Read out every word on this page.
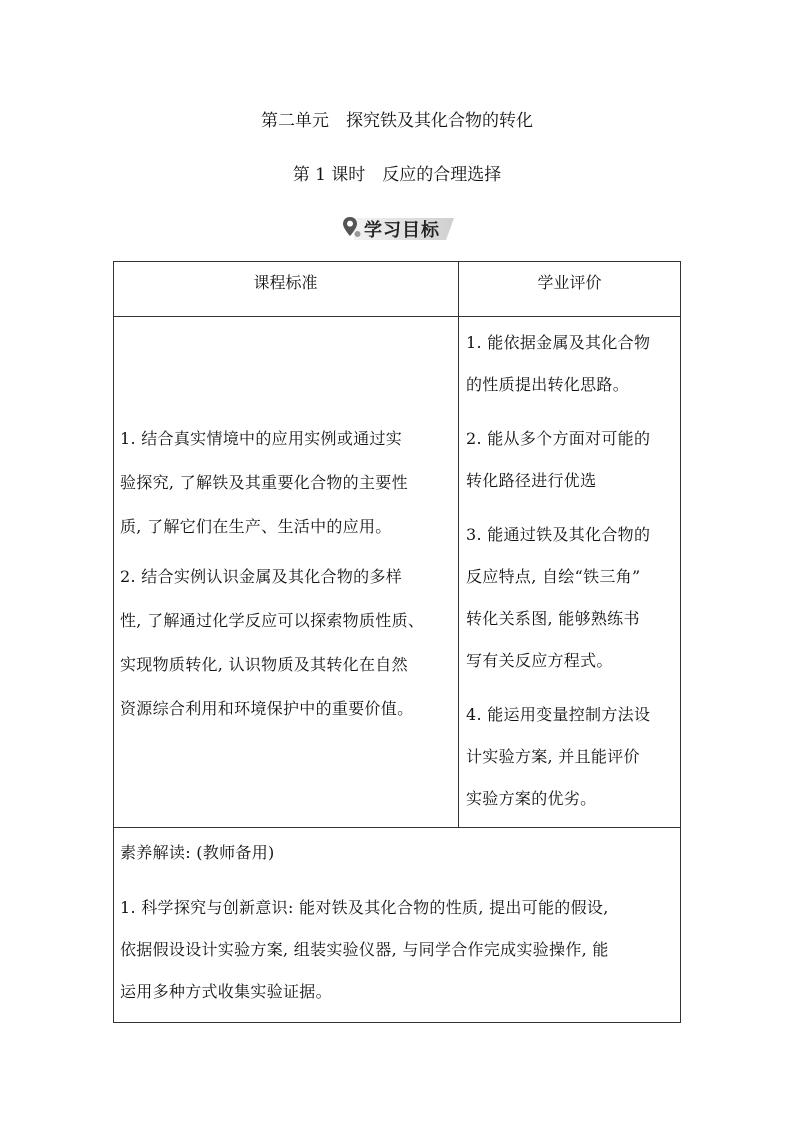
第二单元　探究铁及其化合物的转化
第 1 课时　反应的合理选择
学习目标
课程标准	学业评价
1. 结合真实情境中的应用实例或通过实
验探究, 了解铁及其重要化合物的主要性
质, 了解它们在生产、生活中的应用。
2. 结合实例认识金属及其化合物的多样
性, 了解通过化学反应可以探索物质性质、
实现物质转化, 认识物质及其转化在自然
资源综合利用和环境保护中的重要价值。
1. 能依据金属及其化合物
的性质提出转化思路。
2. 能从多个方面对可能的
转化路径进行优选
3. 能通过铁及其化合物的
反应特点, 自绘“铁三角”
转化关系图, 能够熟练书
写有关反应方程式。
4. 能运用变量控制方法设
计实验方案, 并且能评价
实验方案的优劣。
素养解读: (教师备用)
1. 科学探究与创新意识: 能对铁及其化合物的性质, 提出可能的假设,
依据假设设计实验方案, 组装实验仪器, 与同学合作完成实验操作, 能
运用多种方式收集实验证据。
